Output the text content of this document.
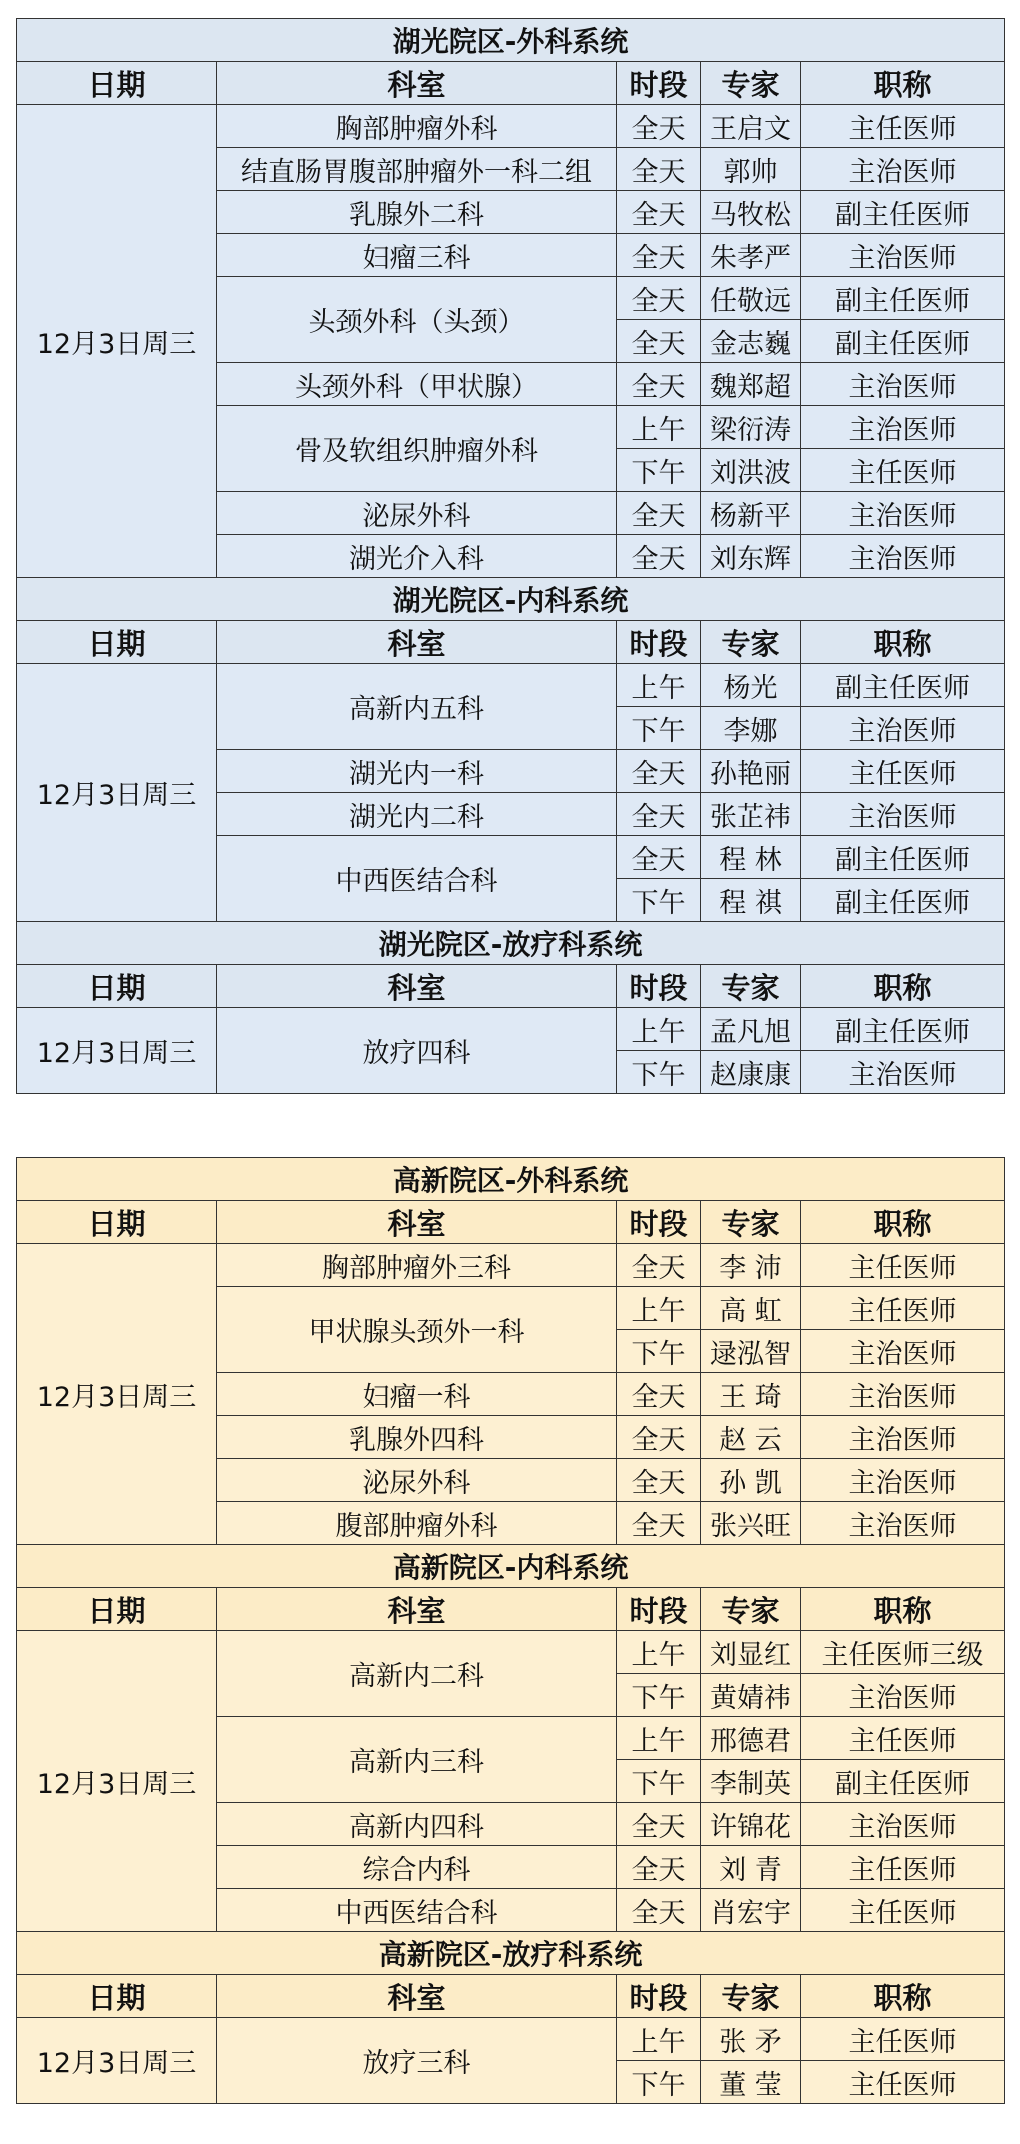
湖光院区-外科系统				
日期	科室	时段	专家	职称
12月3日周三	胸部肿瘤外科	全天	王启文	主任医师
	结直肠胃腹部肿瘤外一科二组	全天	郭帅	主治医师
	乳腺外二科	全天	马牧松	副主任医师
	妇瘤三科	全天	朱孝严	主治医师
	头颈外科（头颈）	全天	任敬远	副主任医师
		全天	金志巍	副主任医师
	头颈外科（甲状腺）	全天	魏郑超	主治医师
	骨及软组织肿瘤外科	上午	梁衍涛	主治医师
		下午	刘洪波	主任医师
	泌尿外科	全天	杨新平	主治医师
	湖光介入科	全天	刘东辉	主治医师
湖光院区-内科系统				
日期	科室	时段	专家	职称
12月3日周三	高新内五科	上午	杨光	副主任医师
		下午	李娜	主治医师
	湖光内一科	全天	孙艳丽	主任医师
	湖光内二科	全天	张芷祎	主治医师
	中西医结合科	全天	程 林	副主任医师
		下午	程 祺	副主任医师
湖光院区-放疗科系统				
日期	科室	时段	专家	职称
12月3日周三	放疗四科	上午	孟凡旭	副主任医师
		下午	赵康康	主治医师
高新院区-外科系统				
日期	科室	时段	专家	职称
12月3日周三	胸部肿瘤外三科	全天	李 沛	主任医师
	甲状腺头颈外一科	上午	高 虹	主任医师
		下午	逯泓智	主治医师
	妇瘤一科	全天	王 琦	主治医师
	乳腺外四科	全天	赵 云	主治医师
	泌尿外科	全天	孙 凯	主治医师
	腹部肿瘤外科	全天	张兴旺	主治医师
高新院区-内科系统				
日期	科室	时段	专家	职称
12月3日周三	高新内二科	上午	刘显红	主任医师三级
		下午	黄婧祎	主治医师
	高新内三科	上午	邢德君	主任医师
		下午	李制英	副主任医师
	高新内四科	全天	许锦花	主治医师
	综合内科	全天	刘 青	主任医师
	中西医结合科	全天	肖宏宇	主任医师
高新院区-放疗科系统				
日期	科室	时段	专家	职称
12月3日周三	放疗三科	上午	张 矛	主任医师
		下午	董 莹	主任医师
